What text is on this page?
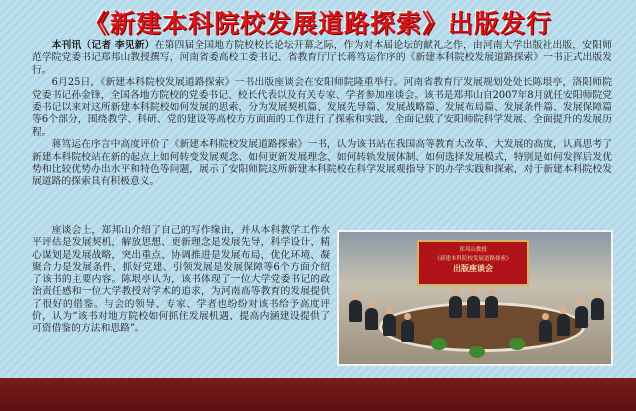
《新建本科院校发展道路探索》出版发行

本刊讯（记者 李见新）在第四届全国地方院校校长论坛开幕之际，作为对本届论坛的献礼之作，由河南大学出版社出版，安阳师范学院党委书记郑邦山教授撰写，河南省委高校工委书记、省教育厅厅长蒋笃运作序的《新建本科院校发展道路探索》一书正式出版发行。

6月25日，《新建本科院校发展道路探索》一书出版座谈会在安阳师院隆重举行。河南省教育厅发展规划处处长陈垠亭，洛阳师院党委书记孙金锋，全国各地方院校的党委书记、校长代表以及有关专家、学者参加座谈会。该书是郑邦山自2007年8月就任安阳师院党委书记以来对这所新建本科院校如何发展的思索，分为发展契机篇、发展先导篇、发展战略篇、发展布局篇、发展条件篇、发展保障篇等6个部分，围绕教学、科研、党的建设等高校方方面面的工作进行了探索和实践，全面记载了安阳师院科学发展、全面提升的发展历程。

蒋笃运在序言中高度评价了《新建本科院校发展道路探索》一书，认为该书站在我国高等教育大改革、大发展的高度，认真思考了新建本科院校站在新的起点上如何转变发展观念、如何更新发展理念、如何转轨发展体制、如何选择发展模式，特别是如何发挥后发优势和比较优势办出水平和特色等问题，展示了安阳师院这所新建本科院校在科学发展观指导下的办学实践和探索，对于新建本科院校发展道路的探索具有积极意义。

座谈会上，郑邦山介绍了自己的写作缘由，并从本科教学工作水平评估是发展契机，解放思想、更新理念是发展先导，科学设计、精心谋划是发展战略，突出重点、协调推进是发展布局，优化环境、凝聚合力是发展条件，抓好党建、引领发展是发展保障等6个方面介绍了该书的主要内容。陈垠亭认为，该书体现了一位大学党委书记的政治责任感和一位大学教授对学术的追求，为河南高等教育的发展提供了很好的借鉴。与会的领导、专家、学者也纷纷对该书给予高度评价，认为“该书对地方院校如何抓住发展机遇、提高内涵建设提供了可资借鉴的方法和思路”。

郑邦山教授
《新建本科院校发展道路探索》
出版座谈会
